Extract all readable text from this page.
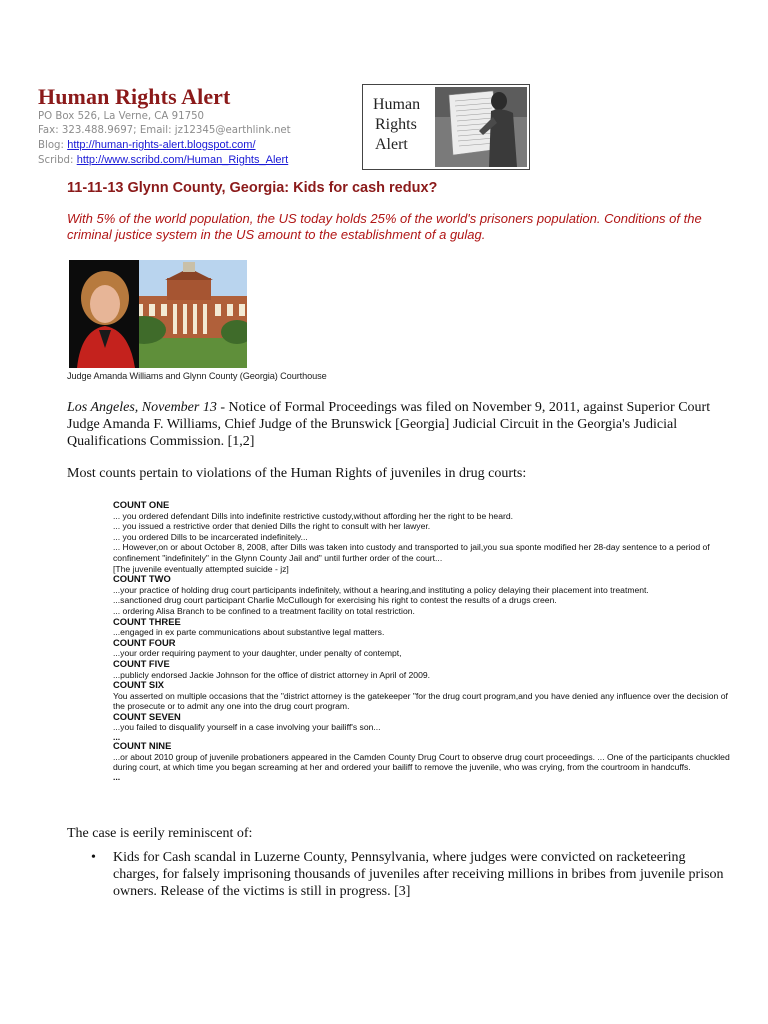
Human Rights Alert
PO Box 526, La Verne, CA 91750
Fax: 323.488.9697; Email: jz12345@earthlink.net
Blog: http://human-rights-alert.blogspot.com/
Scribd: http://www.scribd.com/Human_Rights_Alert
Human
Rights
Alert
11-11-13 Glynn County, Georgia: Kids for cash redux?
With 5% of the world population, the US today holds 25% of the world's prisoners population. Conditions of the criminal justice system in the US amount to the establishment of a gulag.
Judge Amanda Williams and Glynn County (Georgia) Courthouse
Los Angeles, November 13 - Notice of Formal Proceedings was filed on November 9, 2011, against Superior Court Judge Amanda F. Williams, Chief Judge of the Brunswick [Georgia] Judicial Circuit in the Georgia's Judicial Qualifications Commission. [1,2]
Most counts pertain to violations of the Human Rights of juveniles in drug courts:
COUNT ONE
... you ordered defendant Dills into indefinite restrictive custody,without affording her the right to be heard.
... you issued a restrictive order that denied Dills the right to consult with her lawyer.
... you ordered Dills to be incarcerated indefinitely...
... However,on or about October 8, 2008, after Dills was taken into custody and transported to jail,you sua sponte modified her 28-day sentence to a period of confinement "indefinitely" in the Glynn County Jail and" until further order of the court...
[The juvenile eventually attempted suicide - jz]
COUNT TWO
...your practice of holding drug court participants indefinitely, without a hearing,and instituting a policy delaying their placement into treatment.
...sanctioned drug court participant Charlie McCullough for exercising his right to contest the results of a drugs creen.
... ordering Alisa Branch to be confined to a treatment facility on total restriction.
COUNT THREE
...engaged in ex parte communications about substantive legal matters.
COUNT FOUR
...your order requiring payment to your daughter, under penalty of contempt,
COUNT FIVE
...publicly endorsed Jackie Johnson for the office of district attorney in April of 2009.
COUNT SIX
You asserted on multiple occasions that the "district attorney is the gatekeeper "for the drug court program,and you have denied any influence over the decision of the prosecute or to admit any one into the drug court program.
COUNT SEVEN
...you failed to disqualify yourself in a case involving your bailiff's son...
...
COUNT NINE
...or about 2010 group of juvenile probationers appeared in the Camden County Drug Court to observe drug court proceedings. ... One of the participants chuckled during court, at which time you began screaming at her and ordered your bailiff to remove the juvenile, who was crying, from the courtroom in handcuffs.
...
The case is eerily reminiscent of:
• Kids for Cash scandal in Luzerne County, Pennsylvania, where judges were convicted on racketeering charges, for falsely imprisoning thousands of juveniles after receiving millions in bribes from juvenile prison owners. Release of the victims is still in progress. [3]
